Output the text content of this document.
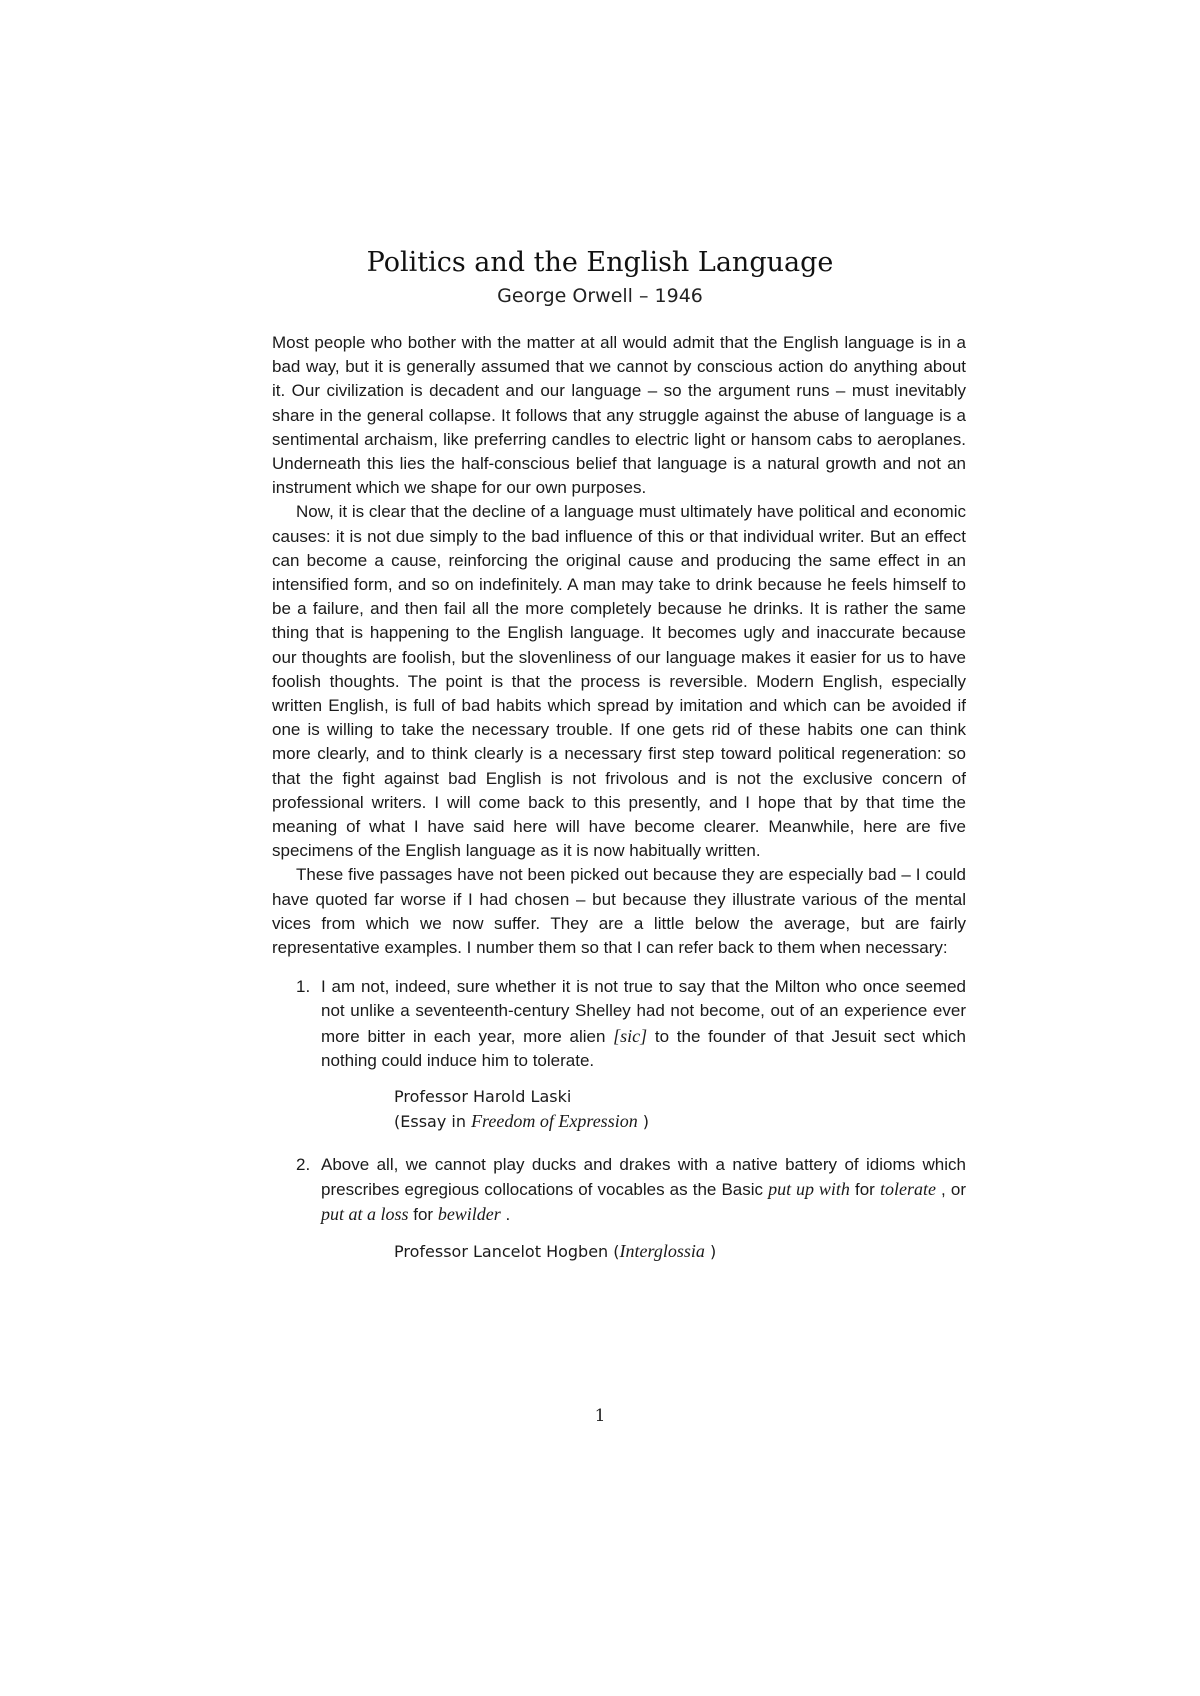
Politics and the English Language
George Orwell – 1946

Most people who bother with the matter at all would admit that the English language is in a bad way, but it is generally assumed that we cannot by conscious action do anything about it. Our civilization is decadent and our language – so the argument runs – must inevitably share in the general collapse. It follows that any struggle against the abuse of language is a sentimental archaism, like preferring candles to electric light or hansom cabs to aeroplanes. Underneath this lies the half-conscious belief that language is a natural growth and not an instrument which we shape for our own purposes.

Now, it is clear that the decline of a language must ultimately have political and economic causes: it is not due simply to the bad influence of this or that individual writer. But an effect can become a cause, reinforcing the original cause and producing the same effect in an intensified form, and so on indefinitely. A man may take to drink because he feels himself to be a failure, and then fail all the more completely because he drinks. It is rather the same thing that is happening to the English language. It becomes ugly and inaccurate because our thoughts are foolish, but the slovenliness of our language makes it easier for us to have foolish thoughts. The point is that the process is reversible. Modern English, especially written English, is full of bad habits which spread by imitation and which can be avoided if one is willing to take the necessary trouble. If one gets rid of these habits one can think more clearly, and to think clearly is a necessary first step toward political regeneration: so that the fight against bad English is not frivolous and is not the exclusive concern of professional writers. I will come back to this presently, and I hope that by that time the meaning of what I have said here will have become clearer. Meanwhile, here are five specimens of the English language as it is now habitually written.

These five passages have not been picked out because they are especially bad – I could have quoted far worse if I had chosen – but because they illustrate various of the mental vices from which we now suffer. They are a little below the average, but are fairly representative examples. I number them so that I can refer back to them when necessary:

1. I am not, indeed, sure whether it is not true to say that the Milton who once seemed not unlike a seventeenth-century Shelley had not become, out of an experience ever more bitter in each year, more alien [sic] to the founder of that Jesuit sect which nothing could induce him to tolerate.
Professor Harold Laski
(Essay in Freedom of Expression )
2. Above all, we cannot play ducks and drakes with a native battery of idioms which prescribes egregious collocations of vocables as the Basic put up with for tolerate , or put at a loss for bewilder .
Professor Lancelot Hogben (Interglossia )
1
